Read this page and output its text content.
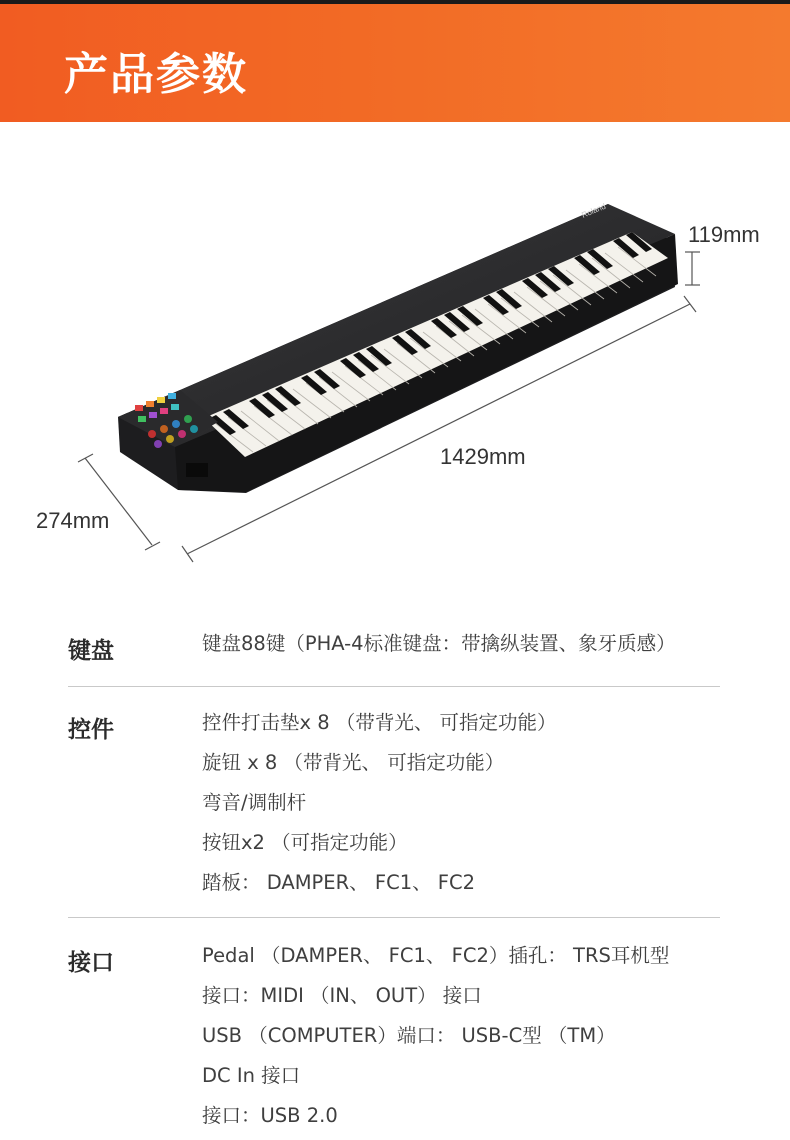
产品参数
Roland
119mm
1429mm
274mm
键盘	键盘88键（PHA-4标准键盘：带擒纵装置、象牙质感）
控件	控件打击垫x 8 （带背光、 可指定功能）
旋钮 x 8 （带背光、 可指定功能）
弯音/调制杆
按钮x2 （可指定功能）
踏板： DAMPER、 FC1、 FC2
接口	Pedal （DAMPER、 FC1、 FC2）插孔： TRS耳机型
接口：MIDI （IN、 OUT） 接口
USB （COMPUTER）端口： USB-C型 （TM）
DC In 接口
接口：USB 2.0
